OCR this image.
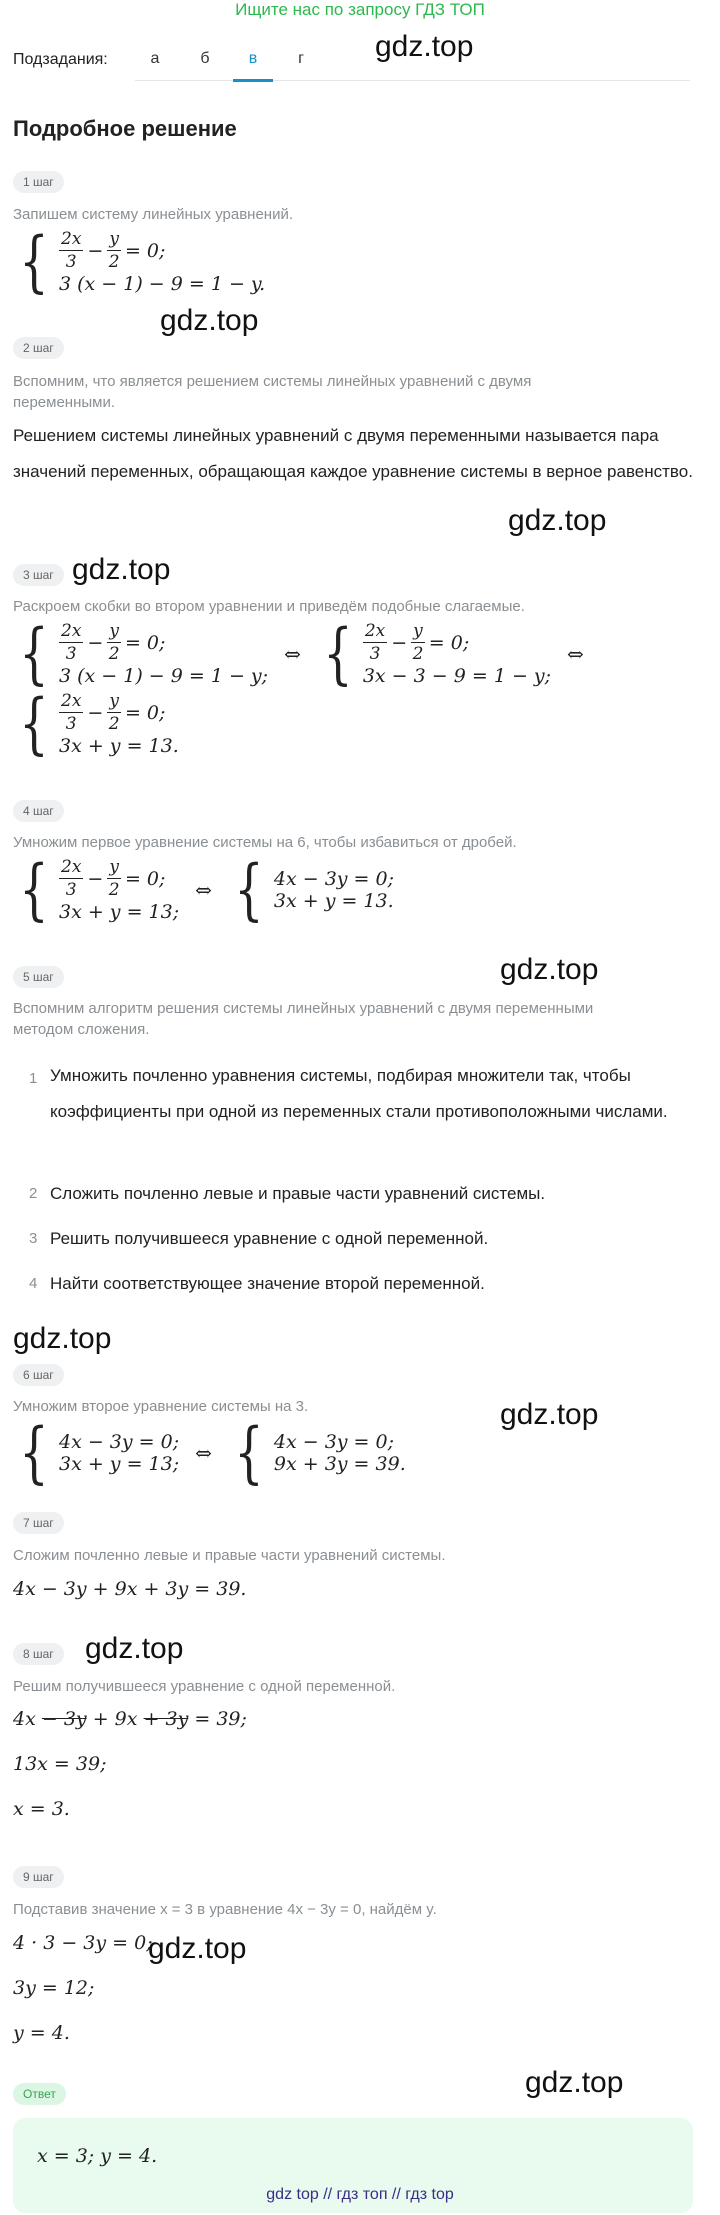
Ищите нас по запросу ГДЗ ТОП
Подзадания:	а	б	в	г	gdz.top
Подробное решение
1 шаг
Запишем систему линейных уравнений.
{ $\frac{2x}{3} - \frac{y}{2} = 0$;
3 (x − 1) − 9 = 1 − y.
gdz.top
2 шаг
Вспомним, что является решением системы линейных уравнений с двумя переменными.
Решением системы линейных уравнений с двумя переменными называется пара значений переменных, обращающая каждое уравнение системы в верное равенство.
gdz.top
3 шаг gdz.top
Раскроем скобки во втором уравнении и приведём подобные слагаемые.
{ $\frac{2x}{3} - \frac{y}{2} = 0$;
3 (x − 1) − 9 = 1 − y;
⇔ { $\frac{2x}{3} - \frac{y}{2} = 0$;
3x − 3 − 9 = 1 − y;
⇔
{ $\frac{2x}{3} - \frac{y}{2} = 0$;
3x + y = 13.
4 шаг
Умножим первое уравнение системы на 6, чтобы избавиться от дробей.
{ $\frac{2x}{3} - \frac{y}{2} = 0$;
3x + y = 13;
⇔ { 4x − 3y = 0;
3x + y = 13.
gdz.top
5 шаг
Вспомним алгоритм решения системы линейных уравнений с двумя переменными методом сложения.
1 Умножить почленно уравнения системы, подбирая множители так, чтобы коэффициенты при одной из переменных стали противоположными числами.
2 Сложить почленно левые и правые части уравнений системы.
3 Решить получившееся уравнение с одной переменной.
4 Найти соответствующее значение второй переменной.
gdz.top
6 шаг
Умножим второе уравнение системы на 3.	gdz.top
{ 4x − 3y = 0;
3x + y = 13; ⇔ { 4x − 3y = 0;
9x + 3y = 39.
7 шаг
Сложим почленно левые и правые части уравнений системы.
4x − 3y + 9x + 3y = 39.
8 шаг	gdz.top
Решим получившееся уравнение с одной переменной.
4x − 3y + 9x + 3y = 39;
13x = 39;
x = 3.
9 шаг
Подставив значение x = 3 в уравнение 4x − 3y = 0, найдём y.
4 · 3 − 3y = 0;
gdz.top
3y = 12;
y = 4.
Ответ	gdz.top
x = 3; y = 4.
gdz top // гдз топ // гдз top
